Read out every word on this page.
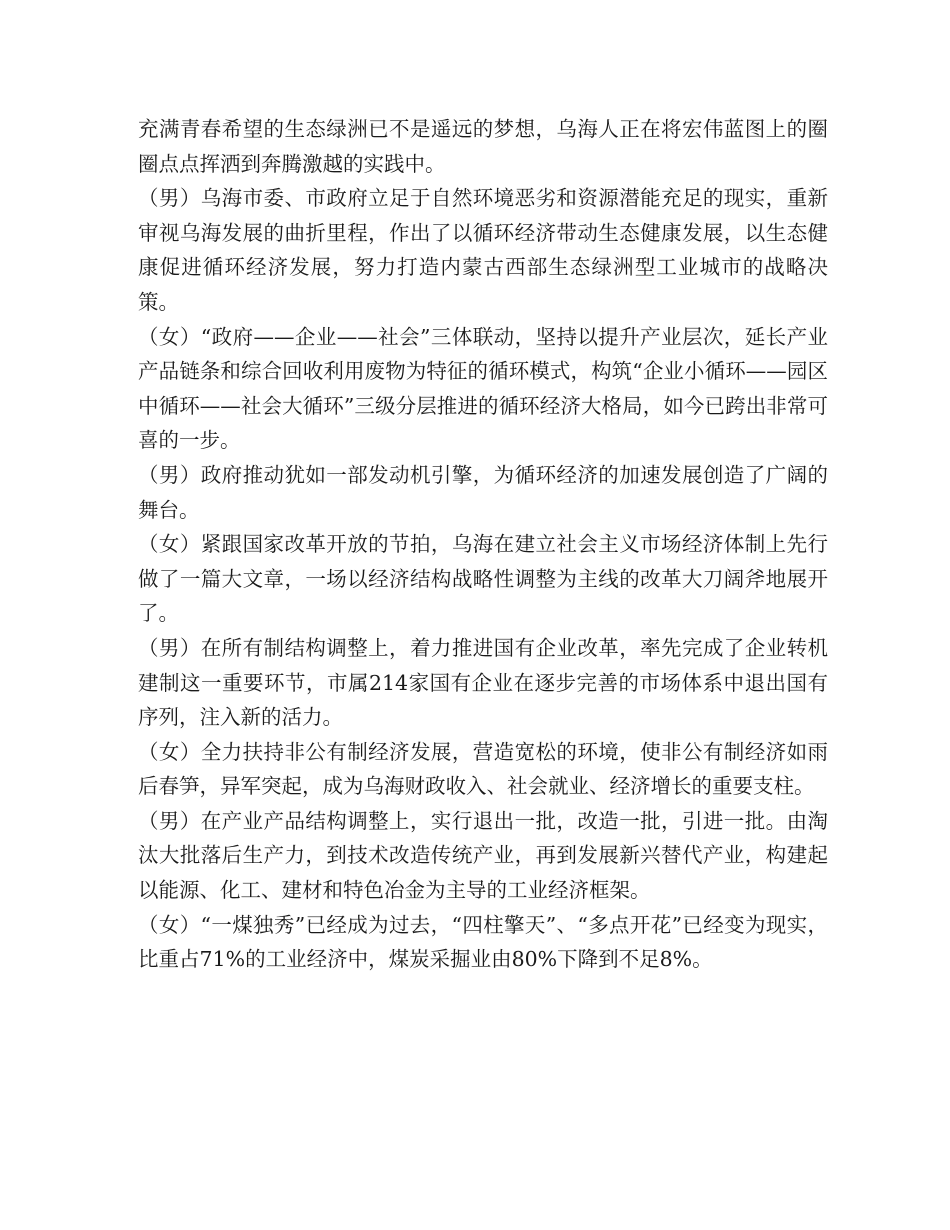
充满青春希望的生态绿洲已不是遥远的梦想，乌海人正在将宏伟蓝图上的圈圈点点挥洒到奔腾激越的实践中。

（男）乌海市委、市政府立足于自然环境恶劣和资源潜能充足的现实，重新审视乌海发展的曲折里程，作出了以循环经济带动生态健康发展，以生态健康促进循环经济发展，努力打造内蒙古西部生态绿洲型工业城市的战略决策。

（女）“政府——企业——社会”三体联动，坚持以提升产业层次，延长产业产品链条和综合回收利用废物为特征的循环模式，构筑“企业小循环——园区中循环——社会大循环”三级分层推进的循环经济大格局，如今已跨出非常可喜的一步。

（男）政府推动犹如一部发动机引擎，为循环经济的加速发展创造了广阔的舞台。

（女）紧跟国家改革开放的节拍，乌海在建立社会主义市场经济体制上先行做了一篇大文章，一场以经济结构战略性调整为主线的改革大刀阔斧地展开了。

（男）在所有制结构调整上，着力推进国有企业改革，率先完成了企业转机建制这一重要环节，市属214家国有企业在逐步完善的市场体系中退出国有序列，注入新的活力。

（女）全力扶持非公有制经济发展，营造宽松的环境，使非公有制经济如雨后春笋，异军突起，成为乌海财政收入、社会就业、经济增长的重要支柱。

（男）在产业产品结构调整上，实行退出一批，改造一批，引进一批。由淘汰大批落后生产力，到技术改造传统产业，再到发展新兴替代产业，构建起以能源、化工、建材和特色冶金为主导的工业经济框架。

（女）“一煤独秀”已经成为过去，“四柱擎天”、“多点开花”已经变为现实，比重占71%的工业经济中，煤炭采掘业由80%下降到不足8%。
